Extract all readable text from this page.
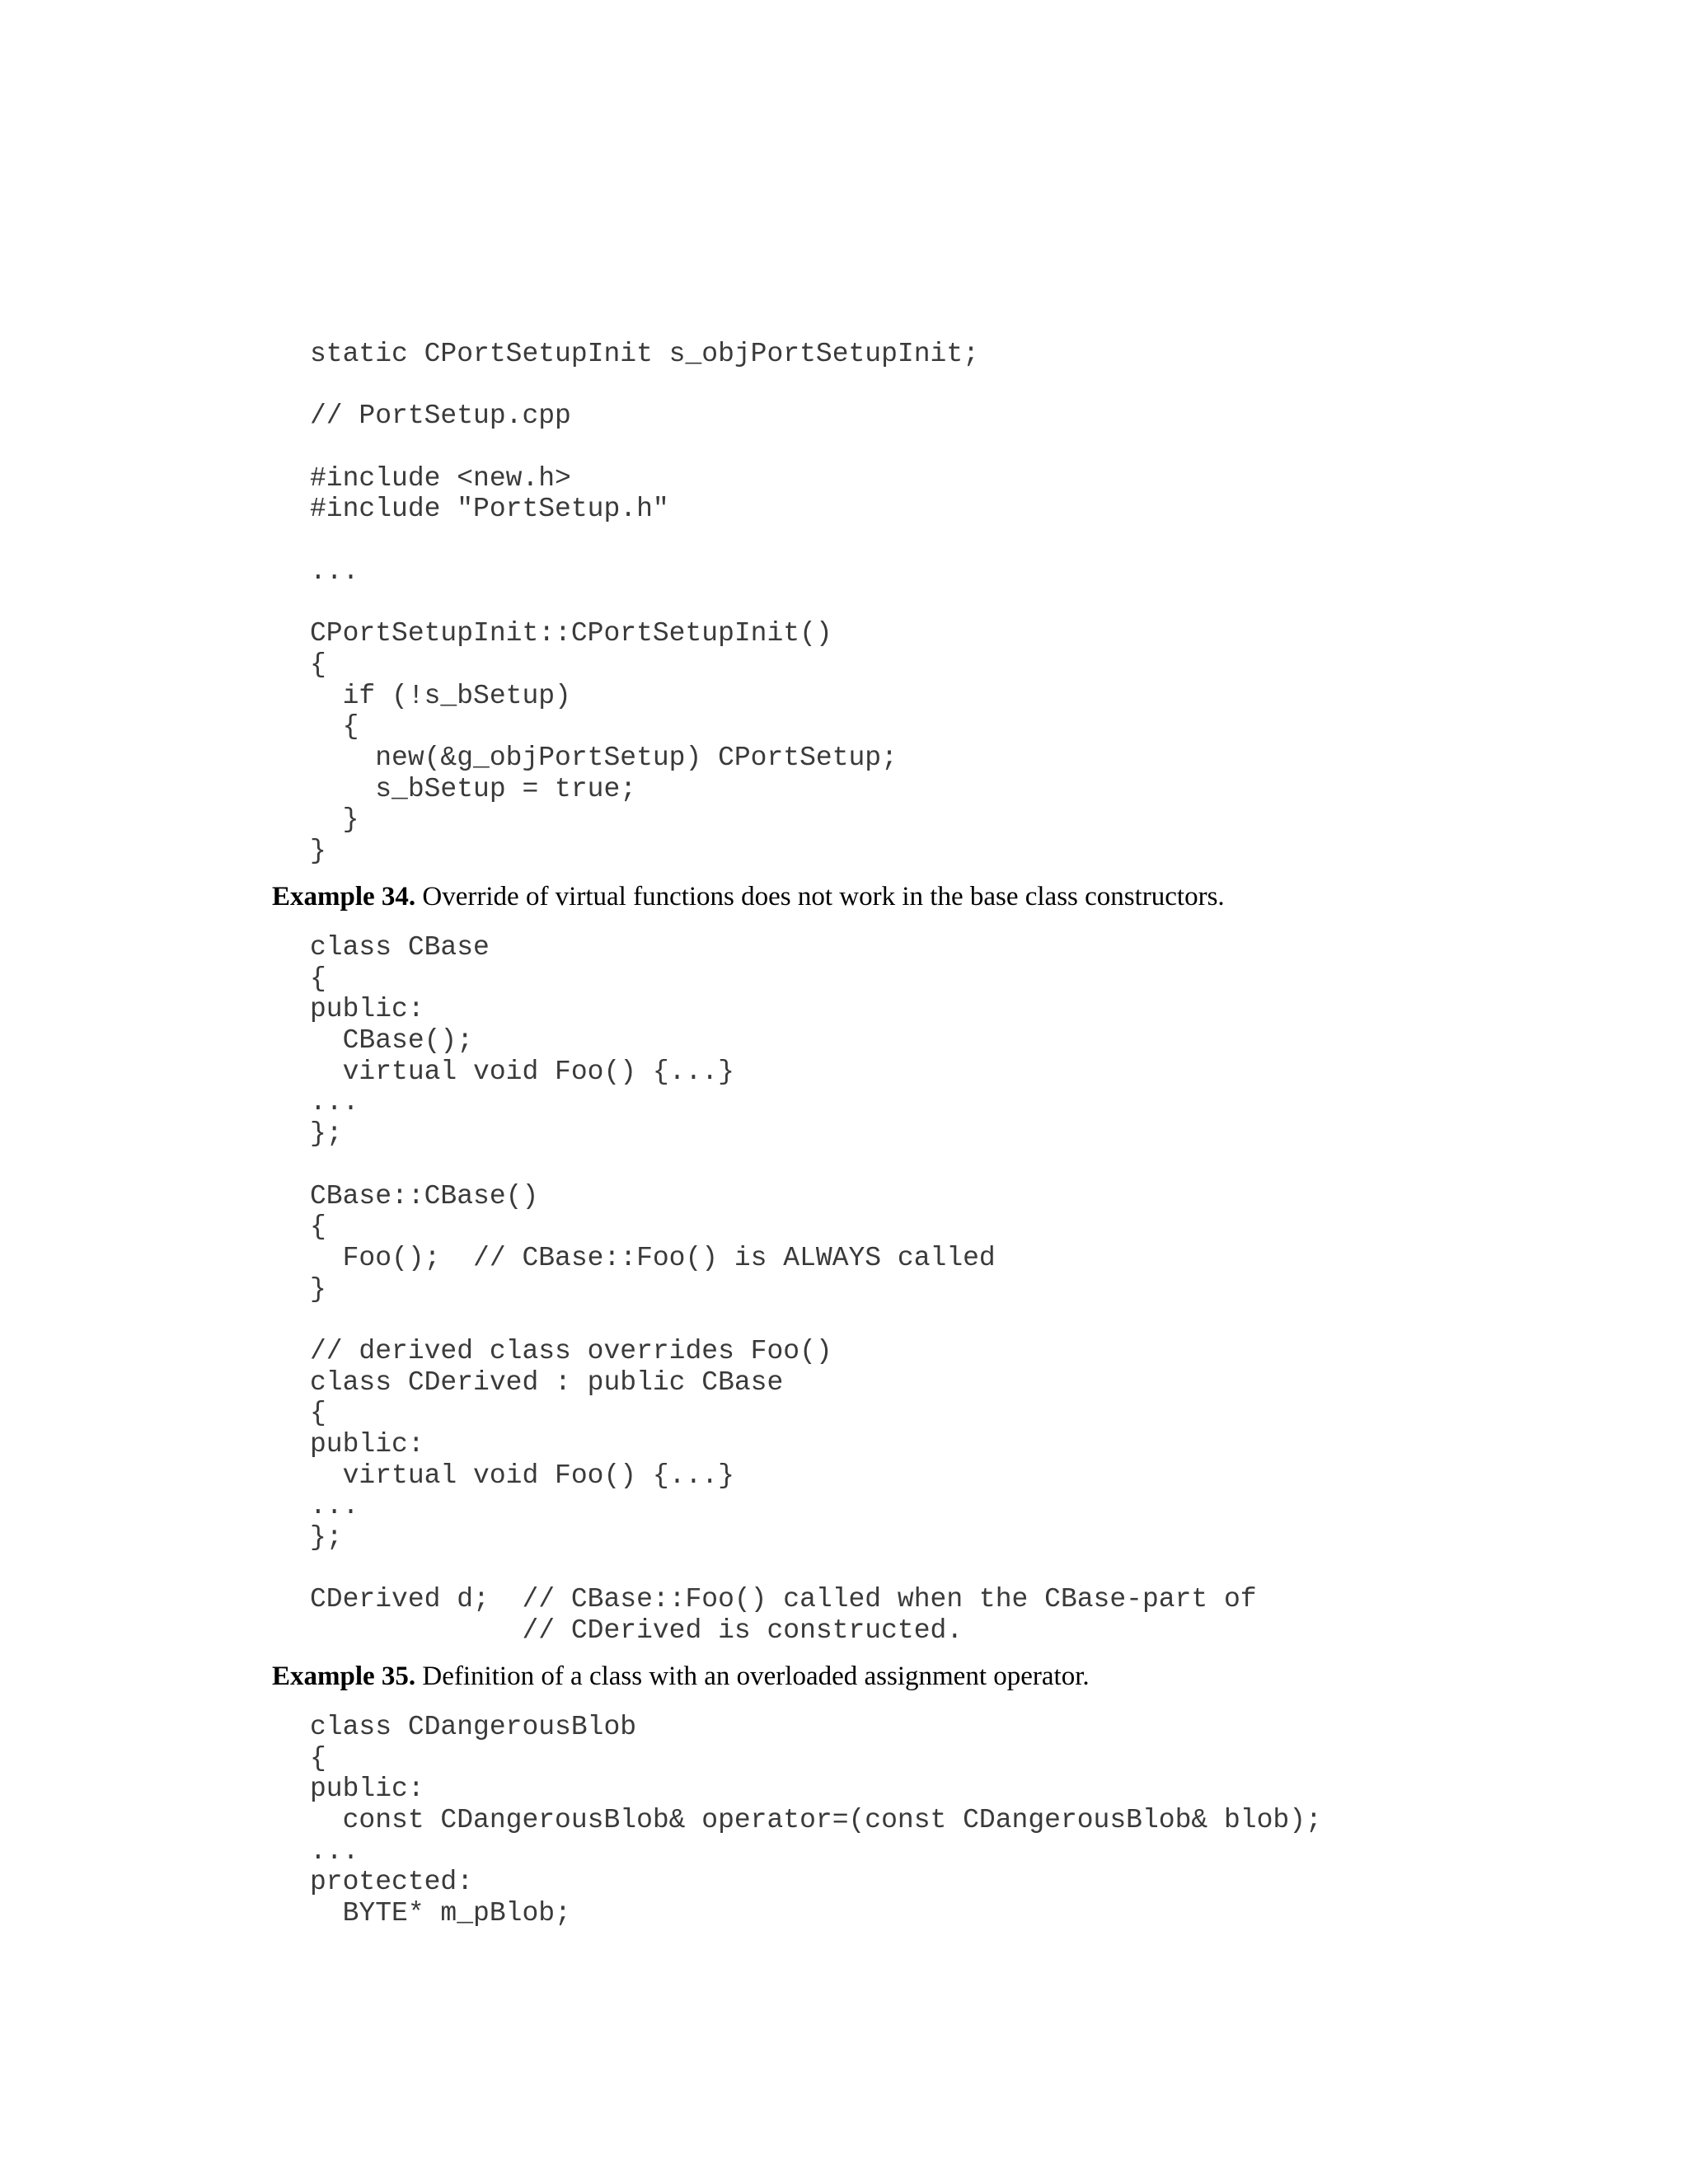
static CPortSetupInit s_objPortSetupInit;
// PortSetup.cpp
#include <new.h>
#include "PortSetup.h"
...
CPortSetupInit::CPortSetupInit()
{
if (!s_bSetup)
{
new(&g_objPortSetup) CPortSetup;
s_bSetup = true;
}
}

Example 34. Override of virtual functions does not work in the base class constructors.

class CBase
{
public:
CBase();
virtual void Foo() {...}
...
};
CBase::CBase()
{
Foo();  // CBase::Foo() is ALWAYS called
}
// derived class overrides Foo()
class CDerived : public CBase
{
public:
virtual void Foo() {...}
...
};
CDerived d;  // CBase::Foo() called when the CBase-part of
// CDerived is constructed.

Example 35. Definition of a class with an overloaded assignment operator.

class CDangerousBlob
{
public:
const CDangerousBlob& operator=(const CDangerousBlob& blob);
...
protected:
BYTE* m_pBlob;
